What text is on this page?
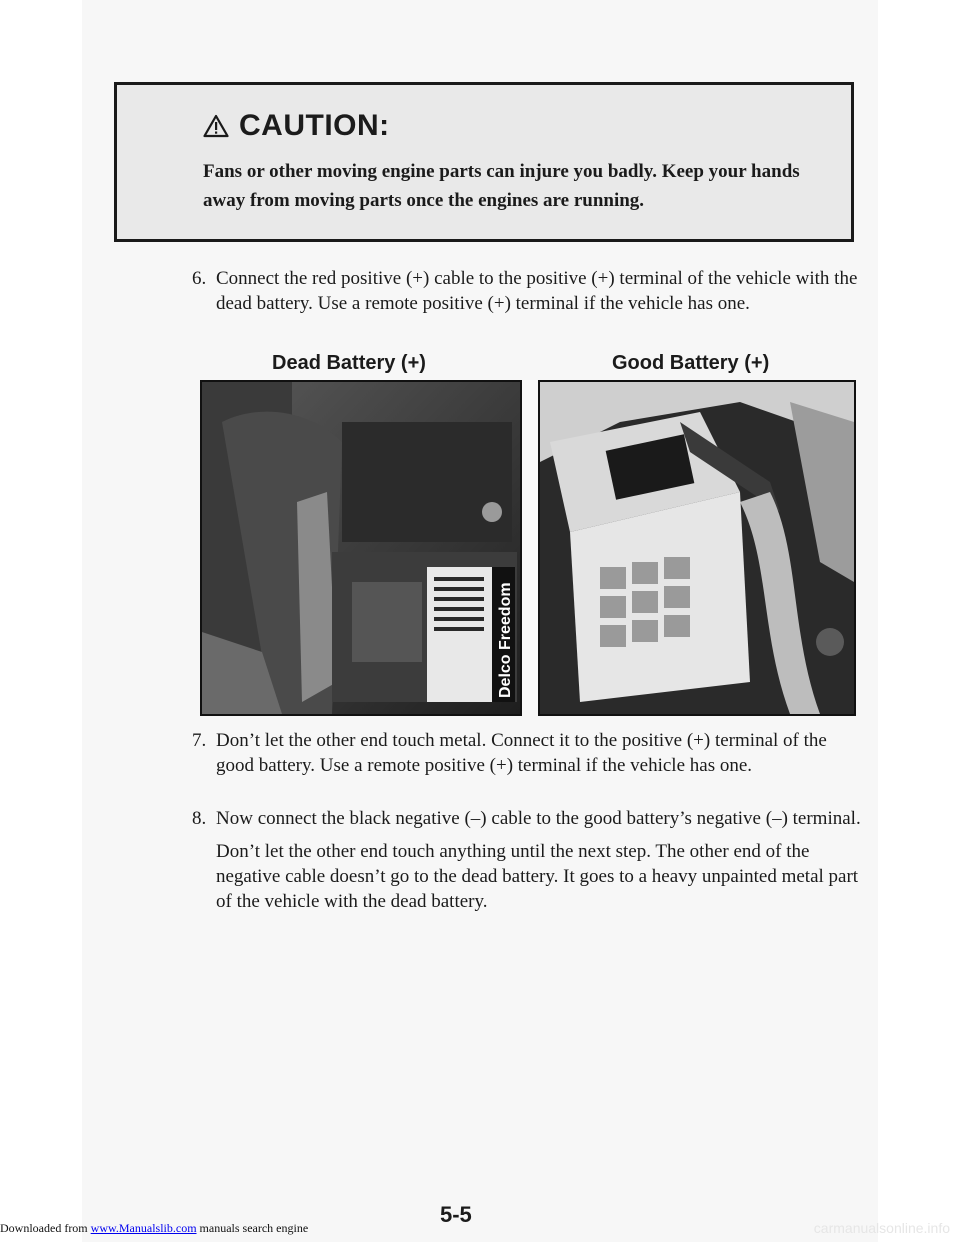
CAUTION:
Fans or other moving engine parts can injure you badly. Keep your hands away from moving parts once the engines are running.
6. Connect the red positive (+) cable to the positive (+) terminal of the vehicle with the dead battery. Use a remote positive (+) terminal if the vehicle has one.

Dead Battery (+)	Good Battery (+)
Delco Freedom
7. Don’t let the other end touch metal. Connect it to the positive (+) terminal of the good battery. Use a remote positive (+) terminal if the vehicle has one.

8. Now connect the black negative (–) cable to the good battery’s negative (–) terminal.

Don’t let the other end touch anything until the next step. The other end of the negative cable doesn’t go to the dead battery. It goes to a heavy unpainted metal part of the vehicle with the dead battery.

5-5
Downloaded from www.Manualslib.com manuals search engine	carmanualsonline.info
